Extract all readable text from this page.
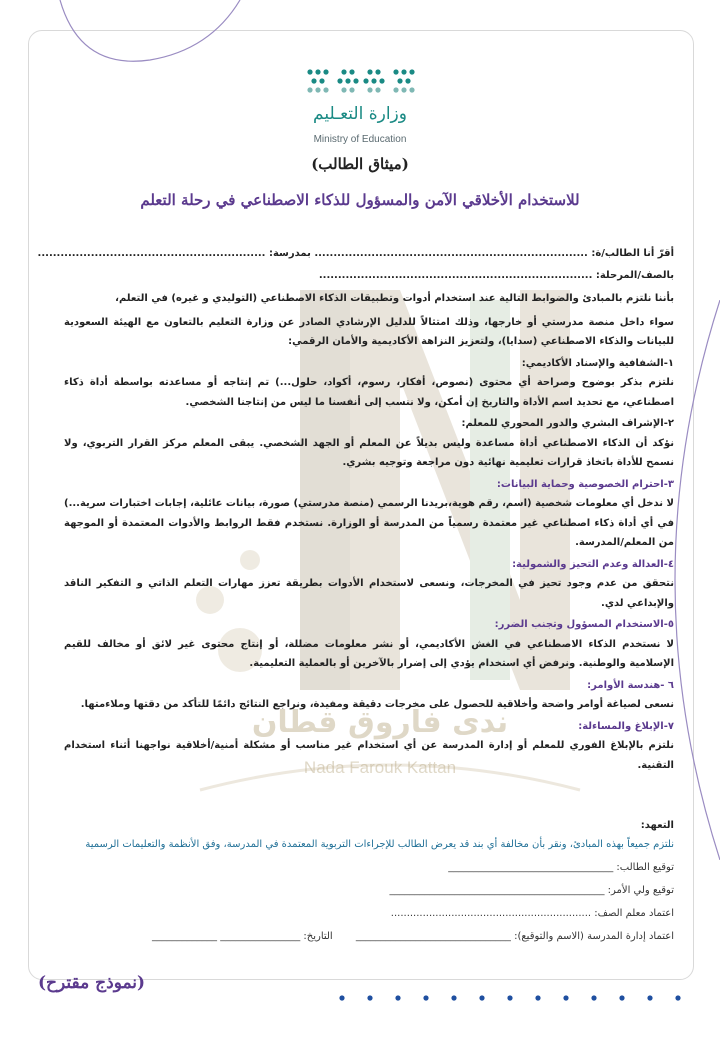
ندى فاروق قطان
Nada Farouk Kattan
وزارة التعـليم
Ministry of Education
(ميثاق الطالب)
للاستخدام الأخلاقي الآمن والمسؤول للذكاء الاصطناعي في رحلة التعلم
أقرّ أنا الطالب/ة: ........................................................................ بمدرسة: ............................................................
بالصف/المرحلة: ........................................................................
بأننا نلتزم بالمبادئ والضوابط التالية عند استخدام أدوات وتطبيقات الذكاء الاصطناعي (التوليدي و غيره) في التعلم،
سواء داخل منصة مدرستي أو خارجها، وذلك امتثالاً للدليل الإرشادي الصادر عن وزارة التعليم بالتعاون مع الهيئة السعودية للبيانات والذكاء الاصطناعي (سدايا)، ولتعزيز النزاهة الأكاديمية والأمان الرقمي:
١-الشفافية والإسناد الأكاديمي:
نلتزم بذكر بوضوح وصراحة أي محتوى (نصوص، أفكار، رسوم، أكواد، حلول...) تم إنتاجه أو مساعدته بواسطة أداة ذكاء اصطناعي، مع تحديد اسم الأداة والتاريخ إن أمكن، ولا ننسب إلى أنفسنا ما ليس من إنتاجنا الشخصي.
٢-الإشراف البشري والدور المحوري للمعلم:
نؤكد أن الذكاء الاصطناعي أداة مساعدة وليس بديلاً عن المعلم أو الجهد الشخصي. يبقى المعلم مركز القرار التربوي، ولا نسمح للأداة باتخاذ قرارات تعليمية نهائية دون مراجعة وتوجيه بشري.
٣-احترام الخصوصية وحماية البيانات:
لا ندخل أي معلومات شخصية (اسم، رقم هوية،بريدنا الرسمي (منصة مدرستي) صورة، بيانات عائلية، إجابات اختبارات سرية...) في أي أداة ذكاء اصطناعي غير معتمدة رسمياً من المدرسة أو الوزارة. نستخدم فقط الروابط والأدوات المعتمدة أو الموجهة من المعلم/المدرسة.
٤-العدالة وعدم التحيز والشمولية:
نتحقق من عدم وجود تحيز في المخرجات، ونسعى لاستخدام الأدوات بطريقة تعزز مهارات التعلم الذاتي و التفكير الناقد والإبداعي لدي.
٥-الاستخدام المسؤول وتجنب الضرر:
لا نستخدم الذكاء الاصطناعي في الغش الأكاديمي، أو نشر معلومات مضللة، أو إنتاج محتوى غير لائق أو مخالف للقيم الإسلامية والوطنية. ونرفض أي استخدام يؤدي إلى إضرار بالآخرين أو بالعملية التعليمية.
٦ -هندسة الأوامر:
نسعى لصياغة أوامر واضحة وأخلاقية للحصول على مخرجات دقيقة ومفيدة، ونراجع النتائج دائمًا للتأكد من دقتها وملاءمتها.
٧-الإبلاغ والمساءلة:
نلتزم بالإبلاغ الفوري للمعلم أو إدارة المدرسة عن أي استخدام غير مناسب أو مشكلة أمنية/أخلاقية نواجهنا أثناء استخدام التقنية.
التعهد:
نلتزم جميعاً بهذه المبادئ، ونقر بأن مخالفة أي بند قد يعرض الطالب للإجراءات التربوية المعتمدة في المدرسة، وفق الأنظمة والتعليمات الرسمية
توقيع الطالب: _________________________________
توقيع ولي الأمر: ___________________________________________
اعتماد معلم الصف: ...............................................................
اعتماد إدارة المدرسة (الاسم والتوقيع): _______________________________ التاريخ: ________________ _____________
(نموذج مقترح)
